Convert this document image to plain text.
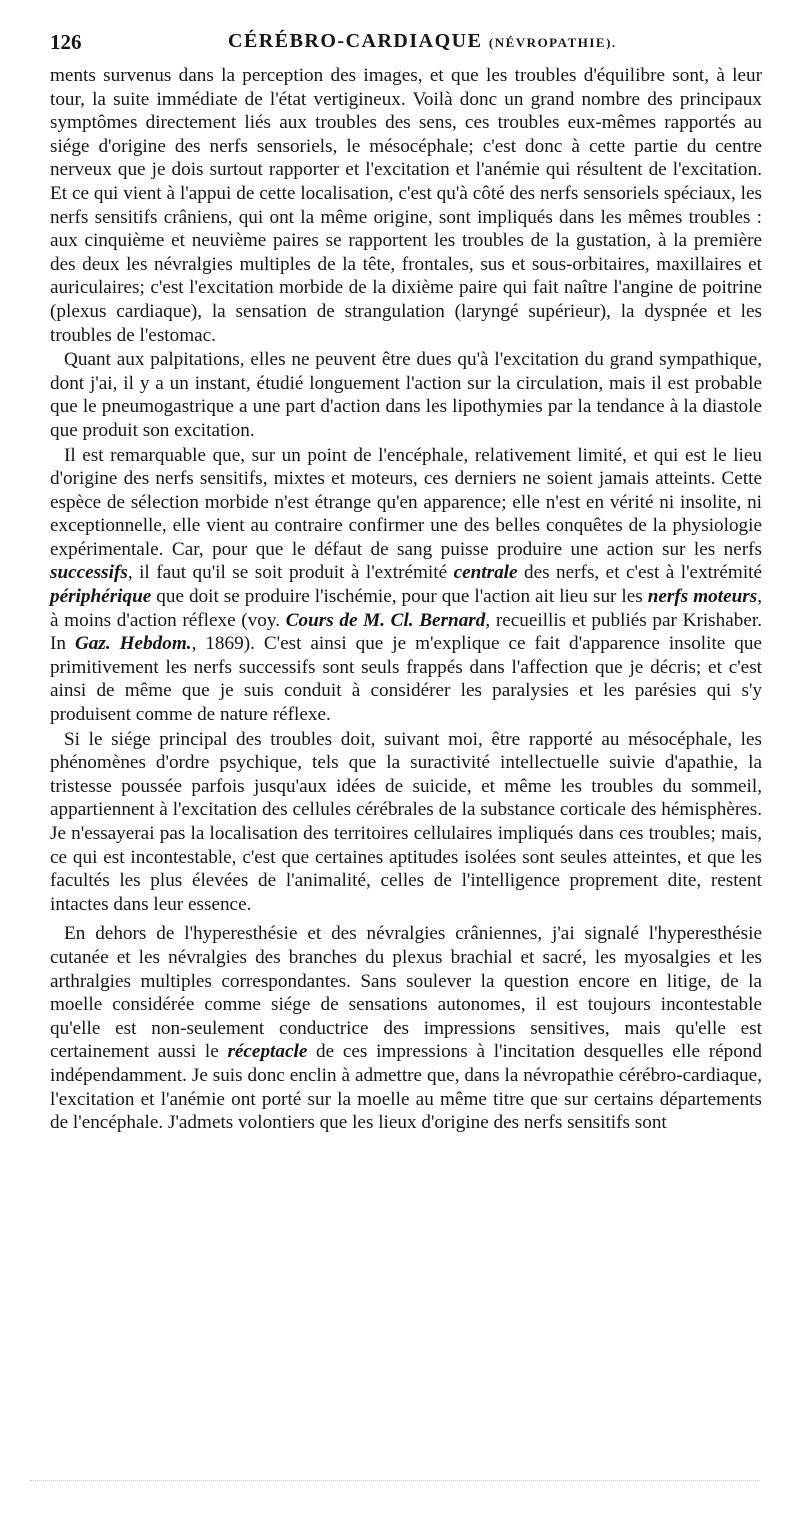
126	CÉRÉBRO-CARDIAQUE (NÉVROPATHIE).

ments survenus dans la perception des images, et que les troubles d'équilibre sont, à leur tour, la suite immédiate de l'état vertigineux. Voilà donc un grand nombre des principaux symptômes directement liés aux troubles des sens, ces troubles eux-mêmes rapportés au siége d'origine des nerfs sensoriels, le mésocéphale; c'est donc à cette partie du centre nerveux que je dois surtout rapporter et l'excitation et l'anémie qui résultent de l'excitation. Et ce qui vient à l'appui de cette localisation, c'est qu'à côté des nerfs sensoriels spéciaux, les nerfs sensitifs crâniens, qui ont la même origine, sont impliqués dans les mêmes troubles : aux cinquième et neuvième paires se rapportent les troubles de la gustation, à la première des deux les névralgies multiples de la tête, frontales, sus et sous-orbitaires, maxillaires et auriculaires; c'est l'excitation morbide de la dixième paire qui fait naître l'angine de poitrine (plexus cardiaque), la sensation de strangulation (laryngé supérieur), la dyspnée et les troubles de l'estomac.

Quant aux palpitations, elles ne peuvent être dues qu'à l'excitation du grand sympathique, dont j'ai, il y a un instant, étudié longuement l'action sur la circulation, mais il est probable que le pneumogastrique a une part d'action dans les lipothymies par la tendance à la diastole que produit son excitation.

Il est remarquable que, sur un point de l'encéphale, relativement limité, et qui est le lieu d'origine des nerfs sensitifs, mixtes et moteurs, ces derniers ne soient jamais atteints. Cette espèce de sélection morbide n'est étrange qu'en apparence; elle n'est en vérité ni insolite, ni exceptionnelle, elle vient au contraire confirmer une des belles conquêtes de la physiologie expérimentale. Car, pour que le défaut de sang puisse produire une action sur les nerfs successifs, il faut qu'il se soit produit à l'extrémité centrale des nerfs, et c'est à l'extrémité périphérique que doit se produire l'ischémie, pour que l'action ait lieu sur les nerfs moteurs, à moins d'action réflexe (voy. Cours de M. Cl. Bernard, recueillis et publiés par Krishaber. In Gaz. Hebdom., 1869). C'est ainsi que je m'explique ce fait d'apparence insolite que primitivement les nerfs successifs sont seuls frappés dans l'affection que je décris; et c'est ainsi de même que je suis conduit à considérer les paralysies et les parésies qui s'y produisent comme de nature réflexe.

Si le siége principal des troubles doit, suivant moi, être rapporté au mésocéphale, les phénomènes d'ordre psychique, tels que la suractivité intellectuelle suivie d'apathie, la tristesse poussée parfois jusqu'aux idées de suicide, et même les troubles du sommeil, appartiennent à l'excitation des cellules cérébrales de la substance corticale des hémisphères. Je n'essayerai pas la localisation des territoires cellulaires impliqués dans ces troubles; mais, ce qui est incontestable, c'est que certaines aptitudes isolées sont seules atteintes, et que les facultés les plus élevées de l'animalité, celles de l'intelligence proprement dite, restent intactes dans leur essence.

En dehors de l'hyperesthésie et des névralgies crâniennes, j'ai signalé l'hyperesthésie cutanée et les névralgies des branches du plexus brachial et sacré, les myosalgies et les arthralgies multiples correspondantes. Sans soulever la question encore en litige, de la moelle considérée comme siége de sensations autonomes, il est toujours incontestable qu'elle est non-seulement conductrice des impressions sensitives, mais qu'elle est certainement aussi le réceptacle de ces impressions à l'incitation desquelles elle répond indépendamment. Je suis donc enclin à admettre que, dans la névropathie cérébro-cardiaque, l'excitation et l'anémie ont porté sur la moelle au même titre que sur certains départements de l'encéphale. J'admets volontiers que les lieux d'origine des nerfs sensitifs sont
